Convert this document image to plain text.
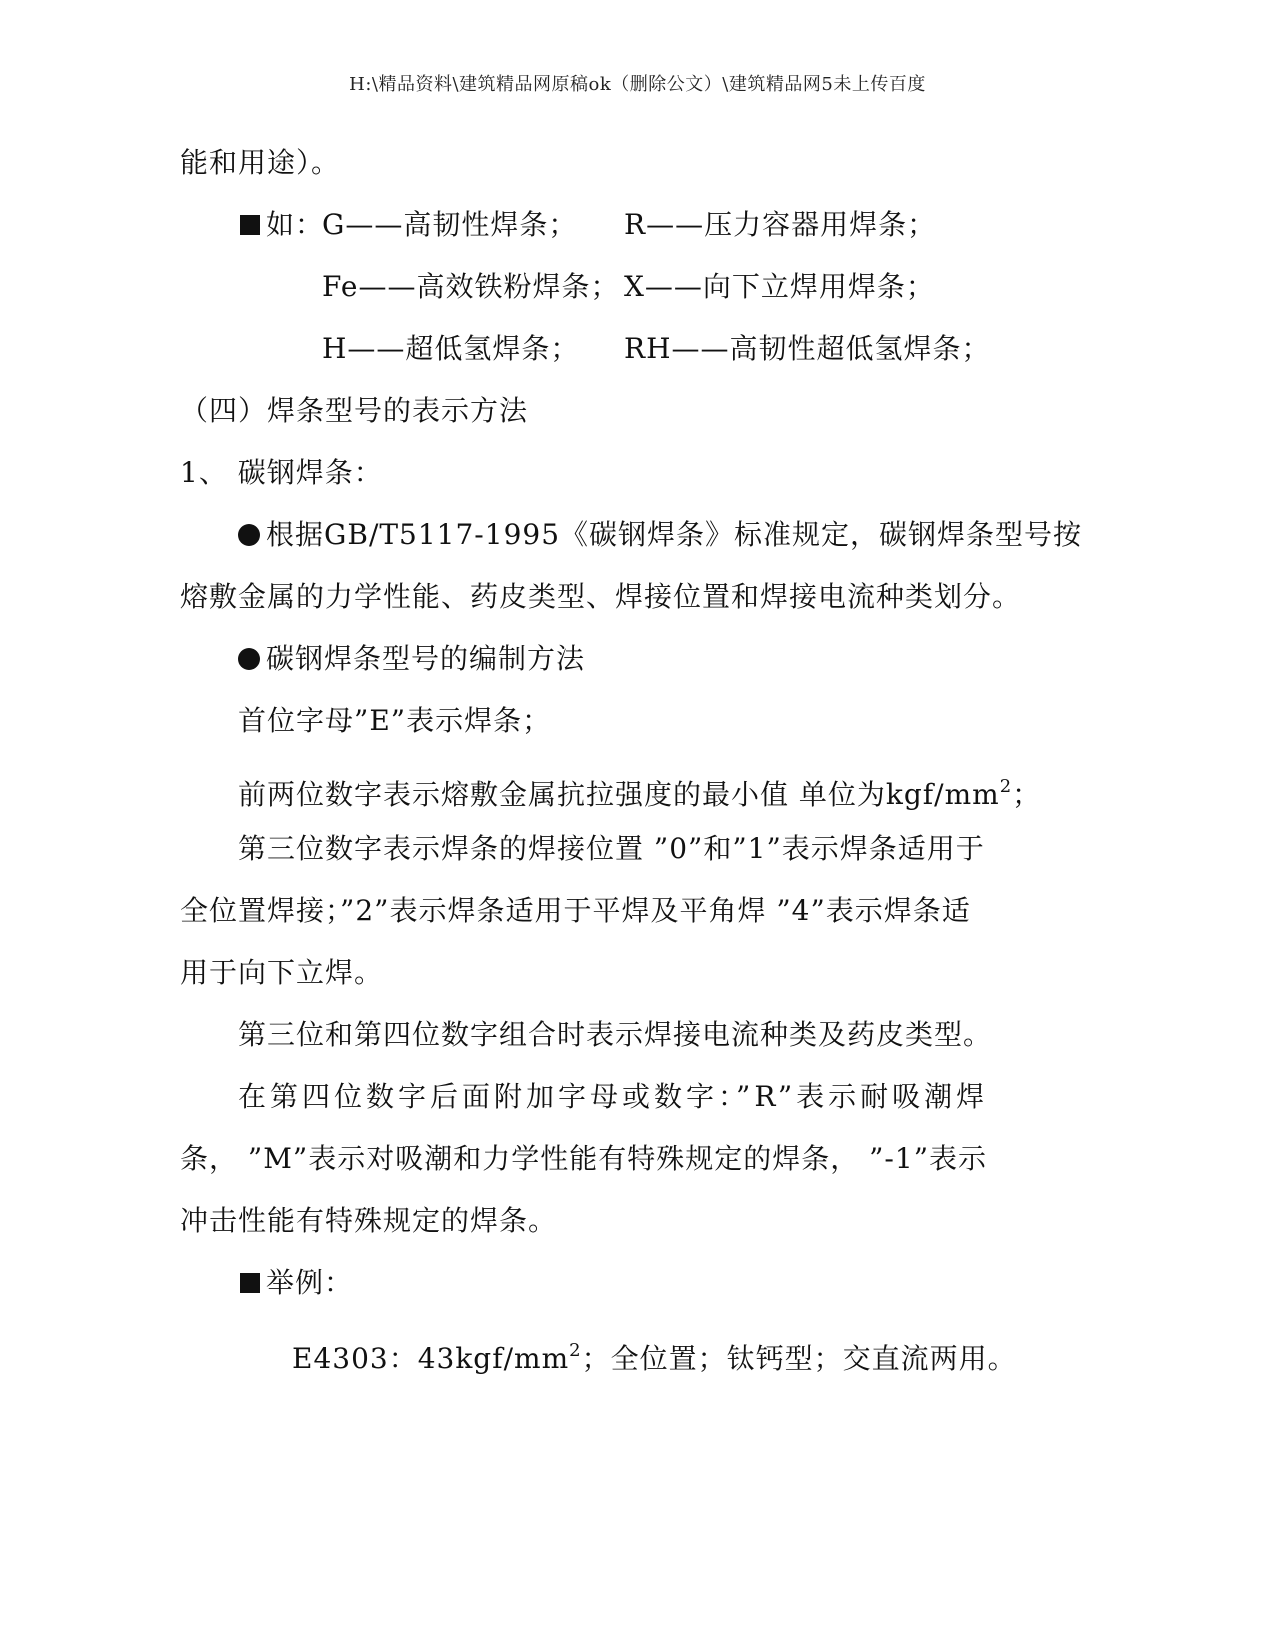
H:\精品资料\建筑精品网原稿ok（删除公文）\建筑精品网5未上传百度
能和用途）。
如：
G——高韧性焊条； R——压力容器用焊条；
Fe——高效铁粉焊条； X——向下立焊用焊条；
H——超低氢焊条； RH——高韧性超低氢焊条；
（四）焊条型号的表示方法
1、 碳钢焊条：
根据GB/T5117-1995《碳钢焊条》标准规定，碳钢焊条型号按
熔敷金属的力学性能、药皮类型、焊接位置和焊接电流种类划分。
碳钢焊条型号的编制方法
首位字母”E”表示焊条；
前两位数字表示熔敷金属抗拉强度的最小值 单位为kgf/$mm^2$；
第三位数字表示焊条的焊接位置 ”0”和”1”表示焊条适用于
全位置焊接；”2”表示焊条适用于平焊及平角焊 ”4”表示焊条适
用于向下立焊。
第三位和第四位数字组合时表示焊接电流种类及药皮类型。
在第四位数字后面附加字母或数字：”R”表示耐吸潮焊
条， ”M”表示对吸潮和力学性能有特殊规定的焊条， ”-1”表示
冲击性能有特殊规定的焊条。
举例：
E4303：$43kgf/mm^2$；全位置；钛钙型；交直流两用。
